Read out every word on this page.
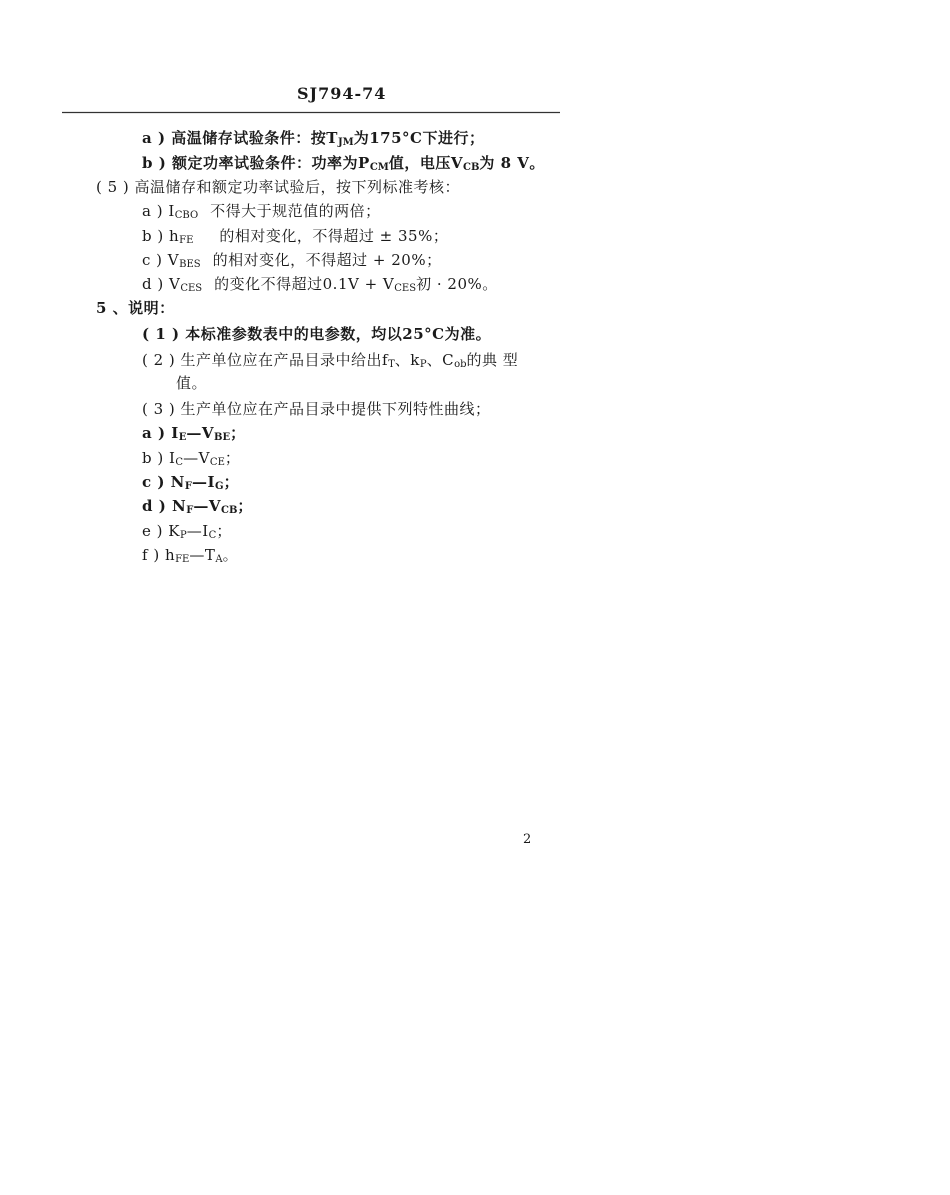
SJ794-74
a ) 高温储存试验条件：按$T_{JM}$为175°C下进行；
b ) 额定功率试验条件：功率为$P_{CM}$值，电压$V_{CB}$为 8 V。
( 5 ) 高温储存和额定功率试验后，按下列标准考核：
a ) $I_{CBO}$ 不得大于规范值的两倍；
b ) $h_{FE}$ 的相对变化，不得超过 ± 35%；
c ) $V_{BES}$ 的相对变化，不得超过 + 20%；
d ) $V_{CES}$ 的变化不得超过$0.1V + V_{CES}$初 · 20%。
5 、说明：
( 1 ) 本标准参数表中的电参数，均以25°C为准。
( 2 ) 生产单位应在产品目录中给出$f_T$、$k_P$、$C_{ob}$的典 型
值。
( 3 ) 生产单位应在产品目录中提供下列特性曲线；
a ) $I_E—V_{BE}$；
b ) $I_C—V_{CE}$；
c ) $N_F—I_G$；
d ) $N_F—V_{CB}$；
e ) $K_P—I_C$；
f ) $h_{FE}—T_A$。
2
